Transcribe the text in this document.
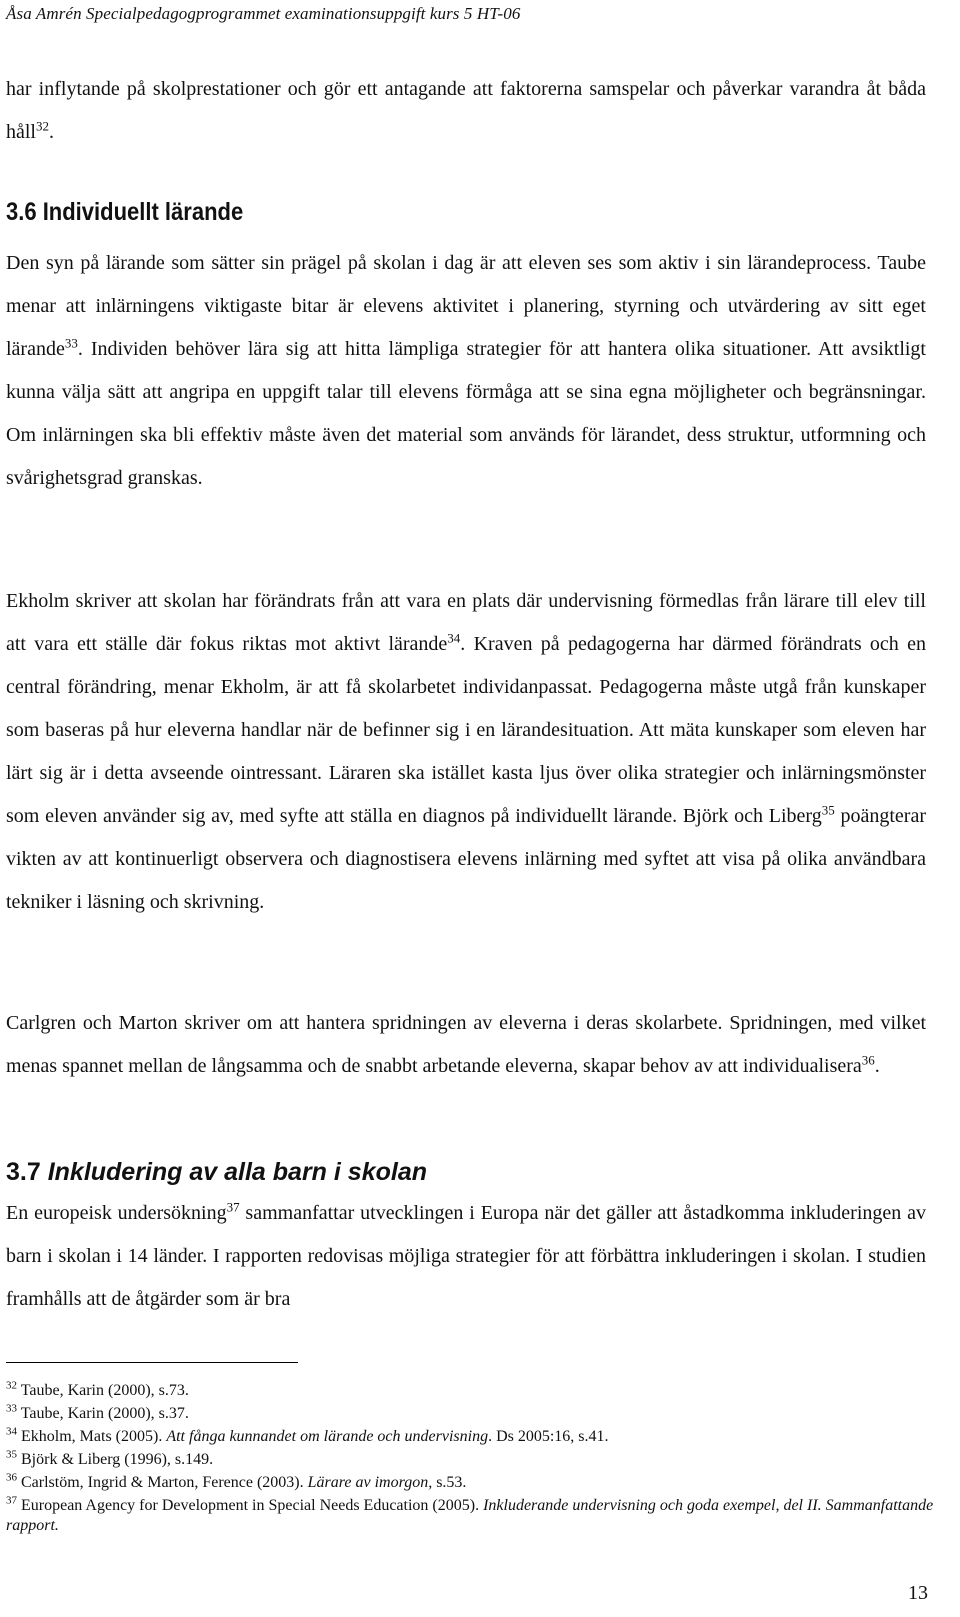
Åsa Amrén Specialpedagogprogrammet examinationsuppgift kurs 5 HT-06

har inflytande på skolprestationer och gör ett antagande att faktorerna samspelar och påverkar varandra åt båda håll$^{32}$.

3.6 Individuellt lärande

Den syn på lärande som sätter sin prägel på skolan i dag är att eleven ses som aktiv i sin lärandeprocess. Taube menar att inlärningens viktigaste bitar är elevens aktivitet i planering, styrning och utvärdering av sitt eget lärande$^{33}$. Individen behöver lära sig att hitta lämpliga strategier för att hantera olika situationer. Att avsiktligt kunna välja sätt att angripa en uppgift talar till elevens förmåga att se sina egna möjligheter och begränsningar. Om inlärningen ska bli effektiv måste även det material som används för lärandet, dess struktur, utformning och svårighetsgrad granskas.

Ekholm skriver att skolan har förändrats från att vara en plats där undervisning förmedlas från lärare till elev till att vara ett ställe där fokus riktas mot aktivt lärande$^{34}$. Kraven på pedagogerna har därmed förändrats och en central förändring, menar Ekholm, är att få skolarbetet individanpassat. Pedagogerna måste utgå från kunskaper som baseras på hur eleverna handlar när de befinner sig i en lärandesituation. Att mäta kunskaper som eleven har lärt sig är i detta avseende ointressant. Läraren ska istället kasta ljus över olika strategier och inlärningsmönster som eleven använder sig av, med syfte att ställa en diagnos på individuellt lärande. Björk och Liberg$^{35}$ poängterar vikten av att kontinuerligt observera och diagnostisera elevens inlärning med syftet att visa på olika användbara tekniker i läsning och skrivning.

Carlgren och Marton skriver om att hantera spridningen av eleverna i deras skolarbete. Spridningen, med vilket menas spannet mellan de långsamma och de snabbt arbetande eleverna, skapar behov av att individualisera$^{36}$.

3.7 Inkludering av alla barn i skolan

En europeisk undersökning$^{37}$ sammanfattar utvecklingen i Europa när det gäller att åstadkomma inkluderingen av barn i skolan i 14 länder. I rapporten redovisas möjliga strategier för att förbättra inkluderingen i skolan. I studien framhålls att de åtgärder som är bra

$^{32}$ Taube, Karin (2000), s.73.
$^{33}$ Taube, Karin (2000), s.37.
$^{34}$ Ekholm, Mats (2005). Att fånga kunnandet om lärande och undervisning. Ds 2005:16, s.41.
$^{35}$ Björk & Liberg (1996), s.149.
$^{36}$ Carlstöm, Ingrid & Marton, Ference (2003). Lärare av imorgon, s.53.
$^{37}$ European Agency for Development in Special Needs Education (2005). Inkluderande undervisning och goda exempel, del II. Sammanfattande rapport.
13
